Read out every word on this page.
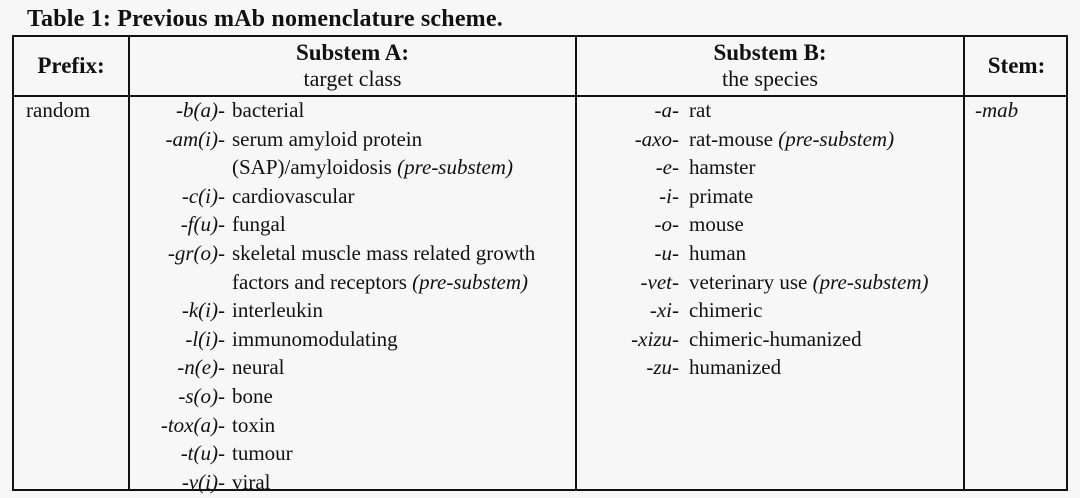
Table 1: Previous mAb nomenclature scheme.
Prefix:
Substem A:
target class
Substem B:
the species
Stem:
random	-b(a)- bacterial
-am(i)- serum amyloid protein
(SAP)/amyloidosis
(pre-substem)
-c(i)- cardiovascular
-f(u)- fungal
-gr(o)- skeletal muscle mass related growth
factors and receptors
(pre-substem)
-k(i)- interleukin
-l(i)- immunomodulating
-n(e)- neural
-s(o)- bone
-tox(a)- toxin
-t(u)- tumour
-v(i)- viral
-a- rat
-axo- rat-mouse
(pre-substem)
-e- hamster
-i- primate
-o- mouse
-u- human
-vet- veterinary use
(pre-substem)
-xi- chimeric
-xizu- chimeric-humanized
-zu- humanized
-mab
